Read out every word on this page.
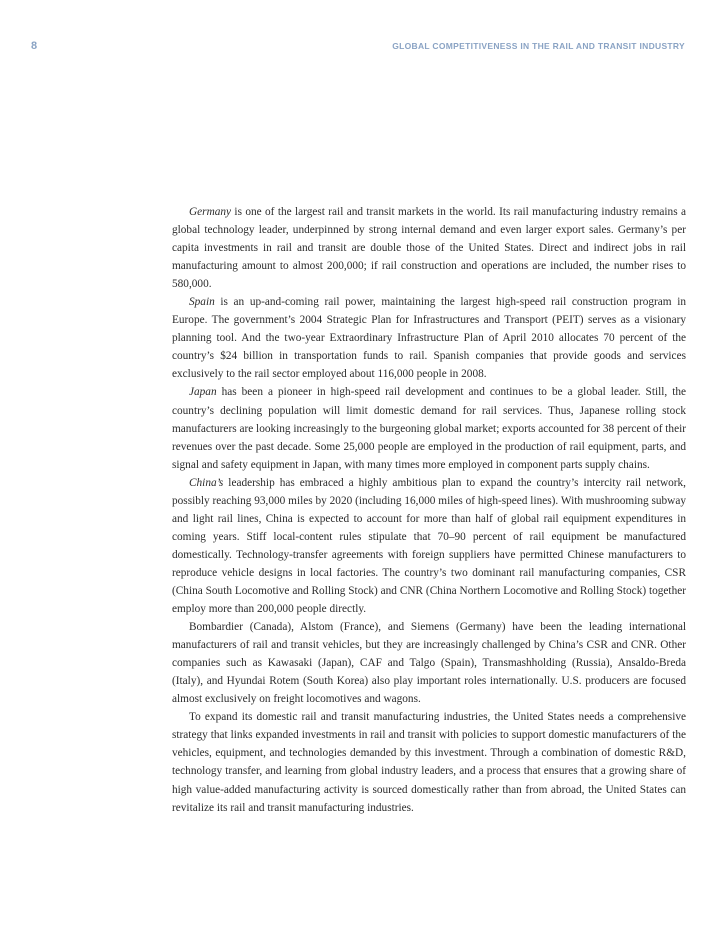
8	GLOBAL COMPETITIVENESS IN THE RAIL AND TRANSIT INDUSTRY

Germany is one of the largest rail and transit markets in the world. Its rail manufacturing industry remains a global technology leader, underpinned by strong internal demand and even larger export sales. Germany’s per capita investments in rail and transit are double those of the United States. Direct and indirect jobs in rail manufacturing amount to almost 200,000; if rail construction and operations are included, the number rises to 580,000.

Spain is an up-and-coming rail power, maintaining the largest high-speed rail construction program in Europe. The government’s 2004 Strategic Plan for Infrastructures and Transport (PEIT) serves as a visionary planning tool. And the two-year Extraordinary Infrastructure Plan of April 2010 allocates 70 percent of the country’s $24 billion in transportation funds to rail. Spanish companies that provide goods and services exclusively to the rail sector employed about 116,000 people in 2008.

Japan has been a pioneer in high-speed rail development and continues to be a global leader. Still, the country’s declining population will limit domestic demand for rail services. Thus, Japanese rolling stock manufacturers are looking increasingly to the burgeoning global market; exports accounted for 38 percent of their revenues over the past decade. Some 25,000 people are employed in the production of rail equipment, parts, and signal and safety equipment in Japan, with many times more employed in component parts supply chains.

China’s leadership has embraced a highly ambitious plan to expand the country’s intercity rail network, possibly reaching 93,000 miles by 2020 (including 16,000 miles of high-speed lines). With mushrooming subway and light rail lines, China is expected to account for more than half of global rail equipment expenditures in coming years. Stiff local-content rules stipulate that 70–90 percent of rail equipment be manufactured domestically. Technology-transfer agreements with foreign suppliers have permitted Chinese manufacturers to reproduce vehicle designs in local factories. The country’s two dominant rail manufacturing companies, CSR (China South Locomotive and Rolling Stock) and CNR (China Northern Locomotive and Rolling Stock) together employ more than 200,000 people directly.

Bombardier (Canada), Alstom (France), and Siemens (Germany) have been the leading international manufacturers of rail and transit vehicles, but they are increasingly challenged by China’s CSR and CNR. Other companies such as Kawasaki (Japan), CAF and Talgo (Spain), Transmashholding (Russia), Ansaldo-Breda (Italy), and Hyundai Rotem (South Korea) also play important roles internationally. U.S. producers are focused almost exclusively on freight locomotives and wagons.

To expand its domestic rail and transit manufacturing industries, the United States needs a comprehensive strategy that links expanded investments in rail and transit with policies to support domestic manufacturers of the vehicles, equipment, and technologies demanded by this investment. Through a combination of domestic R&D, technology transfer, and learning from global industry leaders, and a process that ensures that a growing share of high value-added manufacturing activity is sourced domestically rather than from abroad, the United States can revitalize its rail and transit manufacturing industries.
